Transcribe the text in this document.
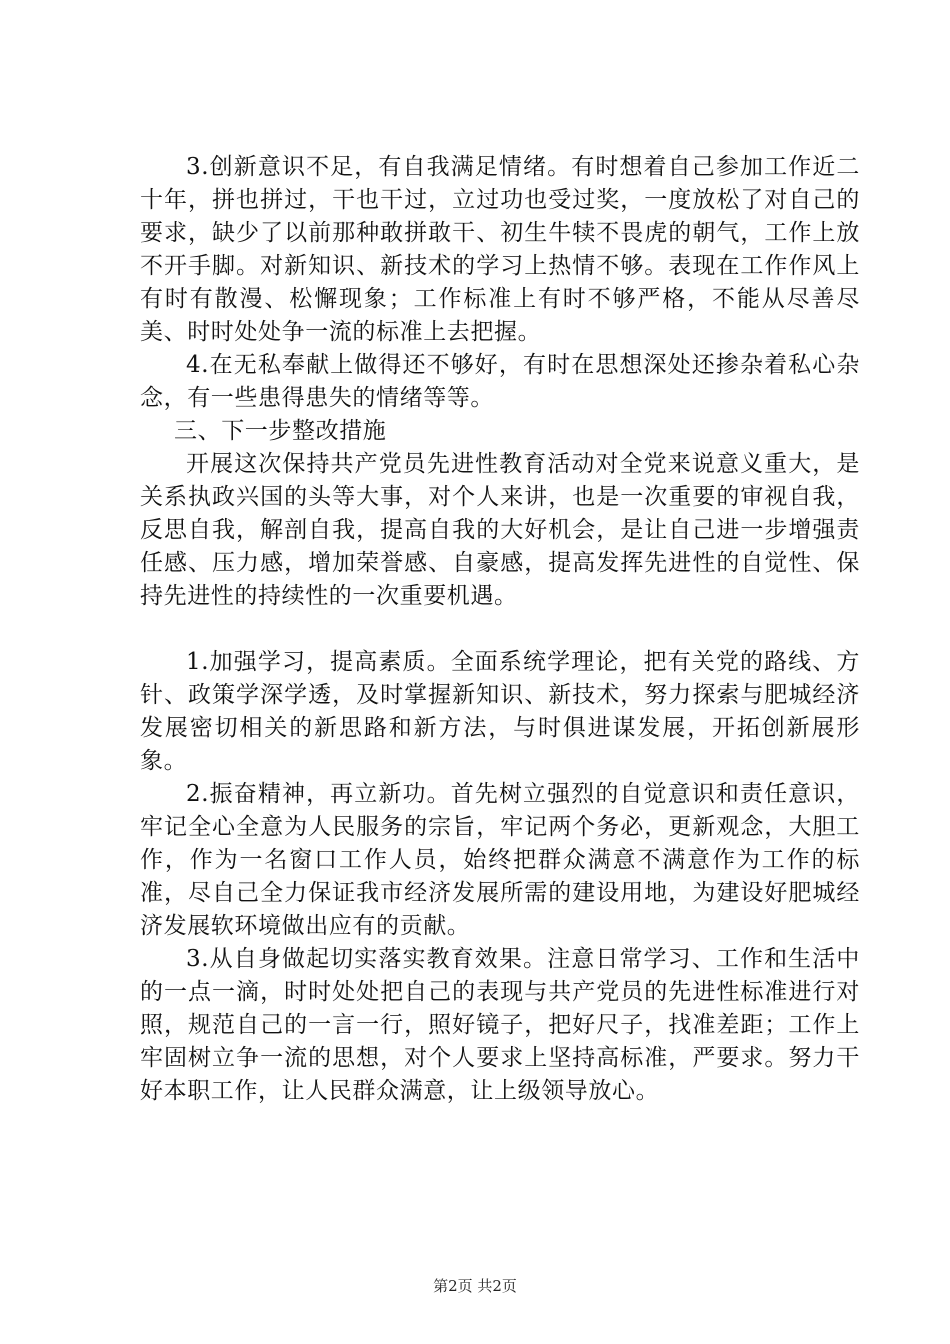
3.创新意识不足，有自我满足情绪。有时想着自己参加工作近二十年，拼也拼过，干也干过，立过功也受过奖，一度放松了对自己的要求，缺少了以前那种敢拼敢干、初生牛犊不畏虎的朝气，工作上放不开手脚。对新知识、新技术的学习上热情不够。表现在工作作风上有时有散漫、松懈现象；工作标准上有时不够严格，不能从尽善尽美、时时处处争一流的标准上去把握。

4.在无私奉献上做得还不够好，有时在思想深处还掺杂着私心杂念，有一些患得患失的情绪等等。

三、下一步整改措施

开展这次保持共产党员先进性教育活动对全党来说意义重大，是关系执政兴国的头等大事，对个人来讲，也是一次重要的审视自我，反思自我，解剖自我，提高自我的大好机会，是让自己进一步增强责任感、压力感，增加荣誉感、自豪感，提高发挥先进性的自觉性、保持先进性的持续性的一次重要机遇。

1.加强学习，提高素质。全面系统学理论，把有关党的路线、方针、政策学深学透，及时掌握新知识、新技术，努力探索与肥城经济发展密切相关的新思路和新方法，与时俱进谋发展，开拓创新展形象。

2.振奋精神，再立新功。首先树立强烈的自觉意识和责任意识，牢记全心全意为人民服务的宗旨，牢记两个务必，更新观念，大胆工作，作为一名窗口工作人员，始终把群众满意不满意作为工作的标准，尽自己全力保证我市经济发展所需的建设用地，为建设好肥城经济发展软环境做出应有的贡献。

3.从自身做起切实落实教育效果。注意日常学习、工作和生活中的一点一滴，时时处处把自己的表现与共产党员的先进性标准进行对照，规范自己的一言一行，照好镜子，把好尺子，找准差距；工作上牢固树立争一流的思想，对个人要求上坚持高标准，严要求。努力干好本职工作，让人民群众满意，让上级领导放心。

第2页 共2页
